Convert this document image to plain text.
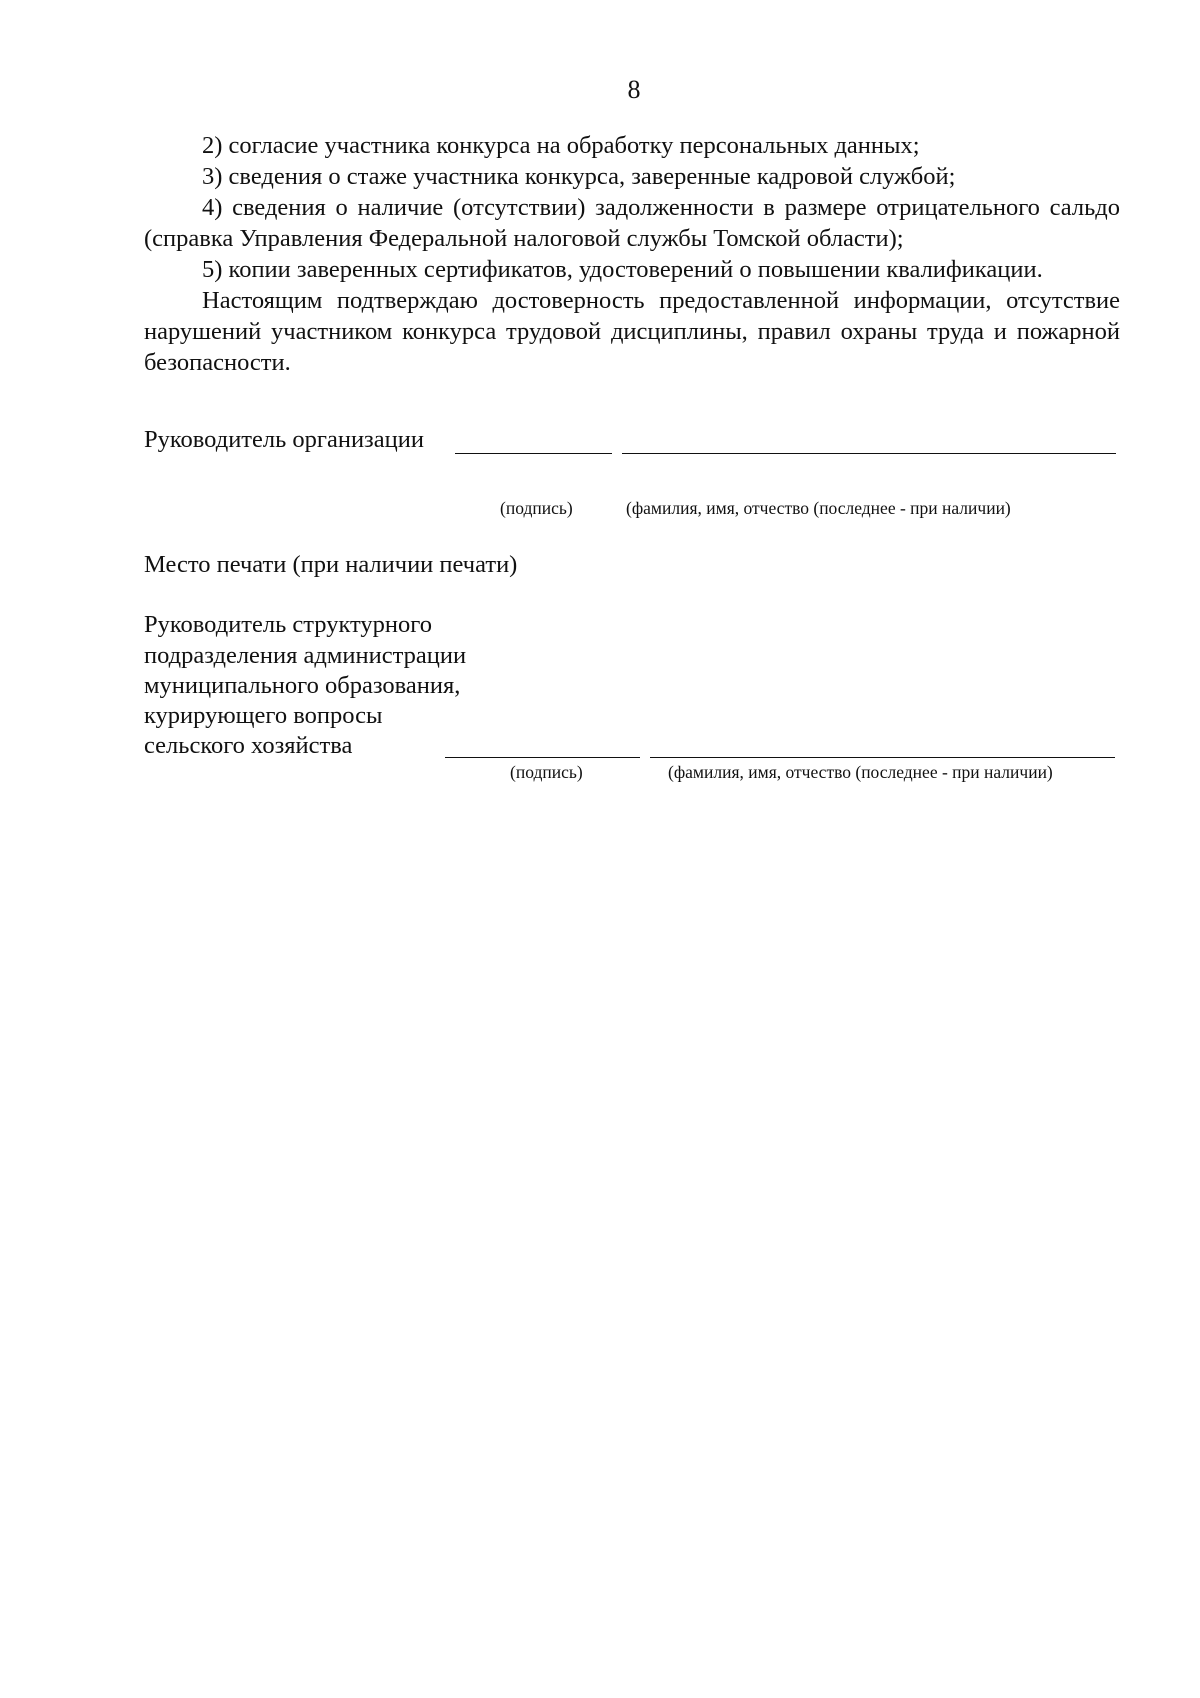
8

2) согласие участника конкурса на обработку персональных данных;

3) сведения о стаже участника конкурса, заверенные кадровой службой;

4) сведения о наличие (отсутствии) задолженности в размере отрицательного сальдо (справка Управления Федеральной налоговой службы Томской области);

5) копии заверенных сертификатов, удостоверений о повышении квалификации.

Настоящим подтверждаю достоверность предоставленной информации, отсутствие нарушений участником конкурса трудовой дисциплины, правил охраны труда и пожарной безопасности.

Руководитель организации
(подпись)	(фамилия, имя, отчество (последнее - при наличии)
Место печати (при наличии печати)
Руководитель структурного
подразделения администрации
муниципального образования,
курирующего вопросы
сельского хозяйства
(подпись)	(фамилия, имя, отчество (последнее - при наличии)
